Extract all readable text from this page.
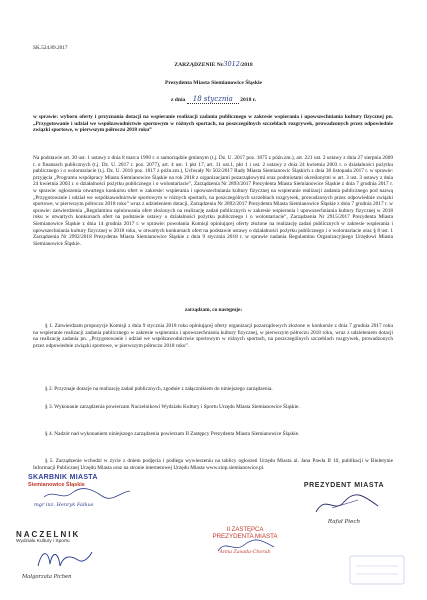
SK.524.89.2017

ZARZĄDZENIE Nr3012/2018

Prezydenta Miasta Siemianowice Śląskie

z dnia 18 stycznia 2018 r.

w sprawie: wyboru oferty i przyznania dotacji na wspieranie realizacji zadania publicznego w zakresie wspierania i upowszechniania kultury fizycznej pn. „Przygotowanie i udział we współzawodnictwie sportowym w różnych sportach, na poszczególnych szczeblach rozgrywek, prowadzonych przez odpowiednie związki sportowe, w pierwszym półroczu 2018 roku”

Na podstawie art. 30 ust. 1 ustawy z dnia 8 marca 1990 r. o samorządzie gminnym (t.j. Dz. U. 2017 poz. 1875 z późn.zm.), art. 221 ust. 2 ustawy z dnia 27 sierpnia 2009 r. o finansach publicznych (t.j. Dz. U. 2017 r. poz. 2077), art. 4 ust. 1 pkt 17, art. 11 ust.1, pkt 1 i ust. 2 ustawy z dnia 24 kwietnia 2003 r. o działalności pożytku publicznego i o wolontariacie (t.j. Dz. U. 2016 poz. 1817 z późn.zm.), Uchwały Nr 502/2017 Rady Miasta Siemianowic Śląskich z dnia 30 listopada 2017 r. w sprawie: przyjęcia „Programu współpracy Miasta Siemianowice Śląskie na rok 2018 z organizacjami pozarządowymi oraz podmiotami określonymi w art. 3 ust. 3 ustawy z dnia 24 kwietnia 2003 r. o działalności pożytku publicznego i o wolontariacie”, Zarządzenia Nr 2893/2017 Prezydenta Miasta Siemianowice Śląskie z dnia 7 grudnia 2017 r. w sprawie: ogłoszenia otwartego konkursu ofert w zakresie: wspierania i upowszechniania kultury fizycznej na wspieranie realizacji zadania publicznego pod nazwą „Przygotowanie i udział we współzawodnictwie sportowym w różnych sportach, na poszczególnych szczeblach rozgrywek, prowadzonych przez odpowiednie związki sportowe, w pierwszym półroczu 2018 roku” wraz z udzieleniem dotacji, Zarządzenia Nr 2892/2017 Prezydenta Miasta Siemianowice Śląskie z dnia 7 grudnia 2017 r. w sprawie: zatwierdzenia „Regulaminu opiniowania ofert złożonych na realizację zadań publicznych w zakresie wspierania i upowszechniania kultury fizycznej w 2018 roku w otwartych konkursach ofert na podstawie ustawy o działalności pożytku publicznego i o wolontariacie”, Zarządzenia Nr 2915/2017 Prezydenta Miasta Siemianowice Śląskie z dnia 14 grudnia 2017 r. w sprawie: powołania Komisji opiniującej oferty złożone na realizację zadań publicznych w zakresie wspierania i upowszechniania kultury fizycznej w 2018 roku, w otwartych konkursach ofert na podstawie ustawy o działalności pożytku publicznego i o wolontariacie oraz § 8 ust. 1 Zarządzenia Nr 2992/2018 Prezydenta Miasta Siemianowice Śląskie z dnia 9 stycznia 2018 r. w sprawie nadania Regulaminu Organizacyjnego Urzędowi Miasta Siemianowice Śląskie.

zarządzam, co następuje:

§ 1. Zatwierdzam propozycje Komisji z dnia 9 stycznia 2018 roku opiniującej oferty organizacji pozarządowych złożone w konkursie z dnia 7 grudnia 2017 roku na wspieranie realizacji zadania publicznego w zakresie wspierania i upowszechniania kultury fizycznej, w pierwszym półroczu 2018 roku, wraz z udzieleniem dotacji na realizację zadania pn. „Przygotowanie i udział we współzawodnictwie sportowym w różnych sportach, na poszczególnych szczeblach rozgrywek, prowadzonych przez odpowiednie związki sportowe, w pierwszym półroczu 2018 roku”.

§ 2. Przyznaje dotacje na realizację zadań publicznych, zgodnie z załącznikiem do niniejszego zarządzenia.

§ 3. Wykonanie zarządzenia powierzam Naczelnikowi Wydziału Kultury i Sportu Urzędu Miasta Siemianowice Śląskie.

§ 4. Nadzór nad wykonaniem niniejszego zarządzenia powierzam II Zastępcy Prezydenta Miasta Siemianowice Śląskie.

§ 5. Zarządzenie wchodzi w życie z dniem podjęcia i podlega wywieszeniu na tablicy ogłoszeń Urzędu Miasta al. Jana Pawła II 10, publikacji w Biuletynie Informacji Publicznej Urzędu Miasta oraz na stronie internetowej Urzędu Miasta www.siop.siemianowice.pl.

SKARBNIK MIASTA
Siemianowice Śląskie
mgr inż. Henryk Falkus
NACZELNIK
Wydziału Kultury i Sportu
Małgorzata Pichen
II ZASTĘPCA
PREZYDENTA MIASTA
Anna Zasada-Chorab
PREZYDENT MIASTA
Rafał Piech
